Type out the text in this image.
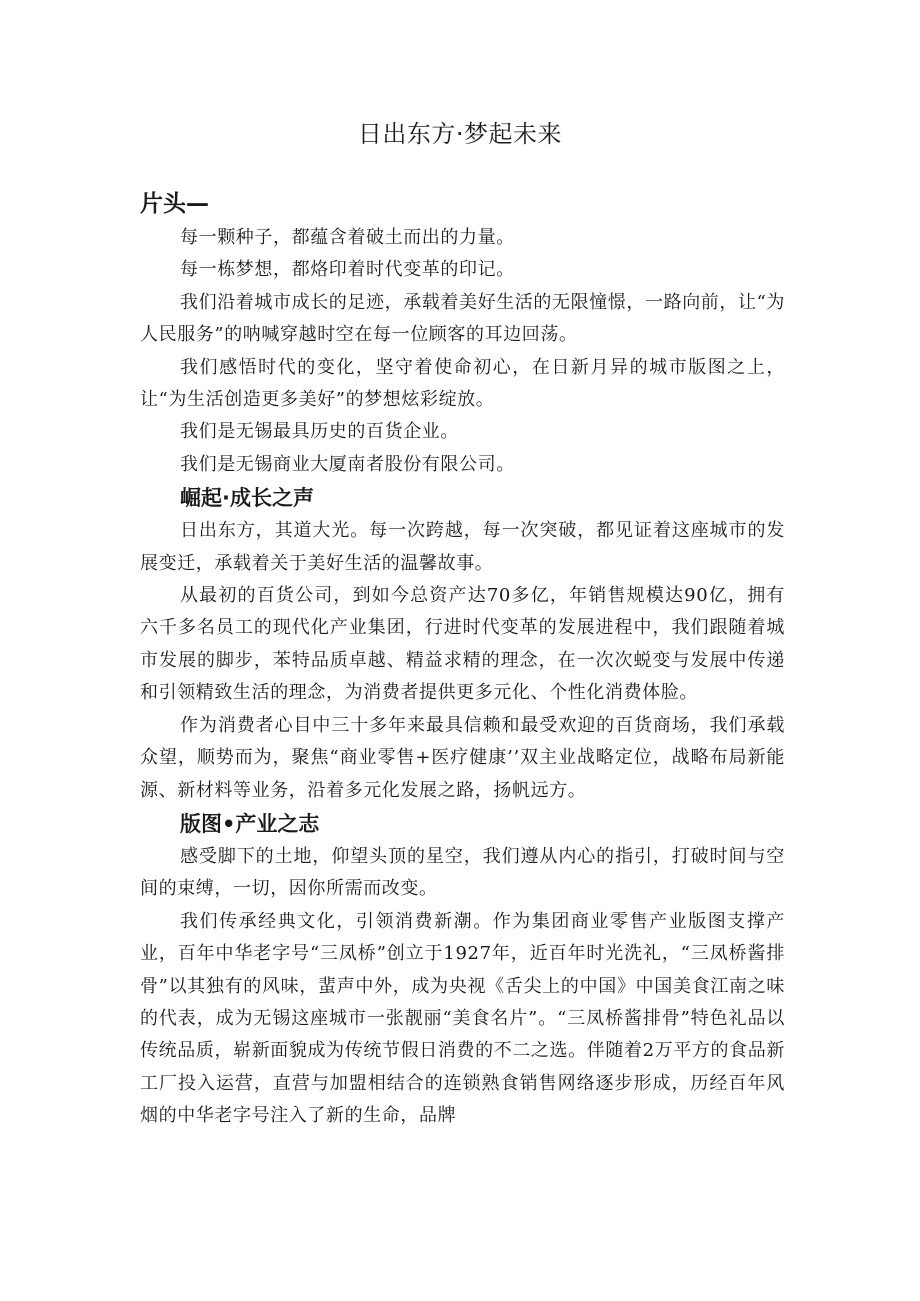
日出东方·梦起未来
片头—

每一颗种子，都蕴含着破土而出的力量。

每一栋梦想，都烙印着时代变革的印记。

我们沿着城市成长的足迹，承载着美好生活的无限憧憬，一路向前，让“为人民服务”的呐喊穿越时空在每一位顾客的耳边回荡。

我们感悟时代的变化，坚守着使命初心，在日新月异的城市版图之上，让“为生活创造更多美好”的梦想炫彩绽放。

我们是无锡最具历史的百货企业。

我们是无锡商业大厦南者股份有限公司。

崛起·成长之声

日出东方，其道大光。每一次跨越，每一次突破，都见证着这座城市的发展变迁，承载着关于美好生活的温馨故事。

从最初的百货公司，到如今总资产达70多亿，年销售规模达90亿，拥有六千多名员工的现代化产业集团，行进时代变革的发展进程中，我们跟随着城市发展的脚步，苯特品质卓越、精益求精的理念，在一次次蜕变与发展中传递和引领精致生活的理念，为消费者提供更多元化、个性化消费体脸。

作为消费者心目中三十多年来最具信赖和最受欢迎的百货商场，我们承载众望，顺势而为，聚焦“商业零售+医疗健康’’双主业战略定位，战略布局新能源、新材料等业务，沿着多元化发展之路，扬帆远方。

版图•产业之志

感受脚下的土地，仰望头顶的星空，我们遵从内心的指引，打破时间与空间的束缚，一切，因你所需而改变。

我们传承经典文化，引领消费新潮。作为集团商业零售产业版图支撑产业，百年中华老字号“三凤桥”创立于1927年，近百年时光洗礼，“三凤桥酱排骨”以其独有的风味，蜚声中外，成为央视《舌尖上的中国》中国美食江南之味的代表，成为无锡这座城市一张靓丽“美食名片”。“三凤桥酱排骨”特色礼品以传统品质，崭新面貌成为传统节假日消费的不二之选。伴随着2万平方的食品新工厂投入运营，直营与加盟相结合的连锁熟食销售网络逐步形成，历经百年风烟的中华老字号注入了新的生命，品牌
